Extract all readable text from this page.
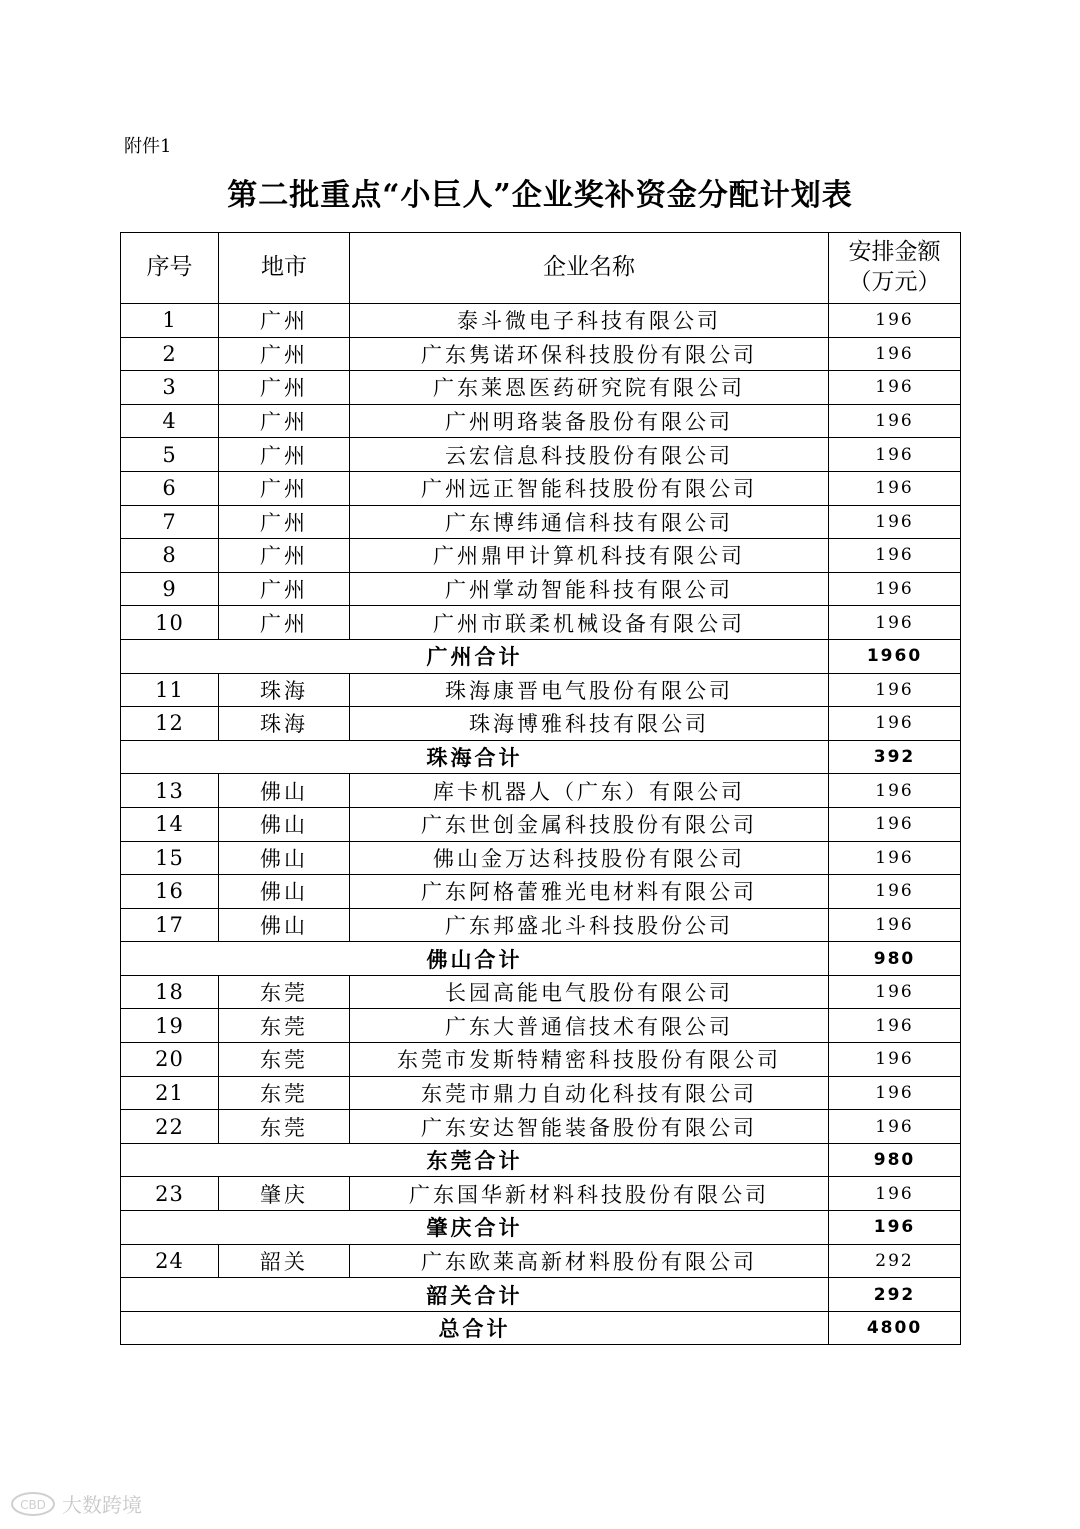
附件1
第二批重点“小巨人”企业奖补资金分配计划表
序号	地市	企业名称	安排金额
（万元）

1	广州	泰斗微电子科技有限公司	196
2	广州	广东隽诺环保科技股份有限公司	196
3	广州	广东莱恩医药研究院有限公司	196
4	广州	广州明珞装备股份有限公司	196
5	广州	云宏信息科技股份有限公司	196
6	广州	广州远正智能科技股份有限公司	196
7	广州	广东博纬通信科技有限公司	196
8	广州	广州鼎甲计算机科技有限公司	196
9	广州	广州掌动智能科技有限公司	196
10	广州	广州市联柔机械设备有限公司	196
广州合计			1960
11	珠海	珠海康晋电气股份有限公司	196
12	珠海	珠海博雅科技有限公司	196
珠海合计			392
13	佛山	库卡机器人（广东）有限公司	196
14	佛山	广东世创金属科技股份有限公司	196
15	佛山	佛山金万达科技股份有限公司	196
16	佛山	广东阿格蕾雅光电材料有限公司	196
17	佛山	广东邦盛北斗科技股份公司	196
佛山合计			980
18	东莞	长园高能电气股份有限公司	196
19	东莞	广东大普通信技术有限公司	196
20	东莞	东莞市发斯特精密科技股份有限公司	196
21	东莞	东莞市鼎力自动化科技有限公司	196
22	东莞	广东安达智能装备股份有限公司	196
东莞合计			980
23	肇庆	广东国华新材料科技股份有限公司	196
肇庆合计			196
24	韶关	广东欧莱高新材料股份有限公司	292
韶关合计			292
总合计			4800
CBD 大数跨境
